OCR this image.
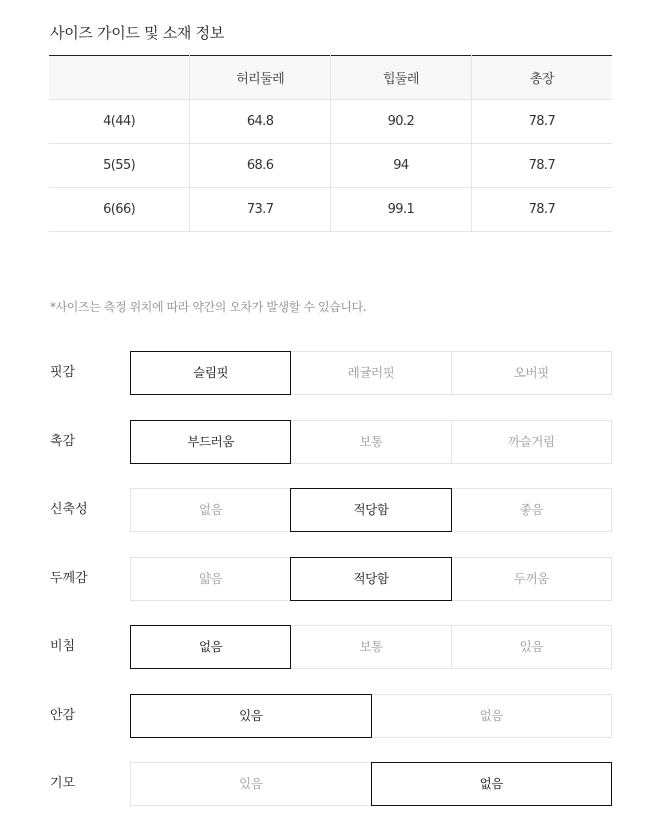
사이즈 가이드 및 소재 정보
	허리둘레	힙둘레	총장
4(44)	64.8	90.2	78.7
5(55)	68.6	94	78.7
6(66)	73.7	99.1	78.7
*사이즈는 측정 위치에 따라 약간의 오차가 발생할 수 있습니다.
핏감	슬림핏	레귤러핏	오버핏
촉감	부드러움	보통	까슬거림
신축성	없음	적당함	좋음
두께감	얇음	적당함	두꺼움
비침	없음	보통	있음
안감	있음	없음
기모	있음	없음
